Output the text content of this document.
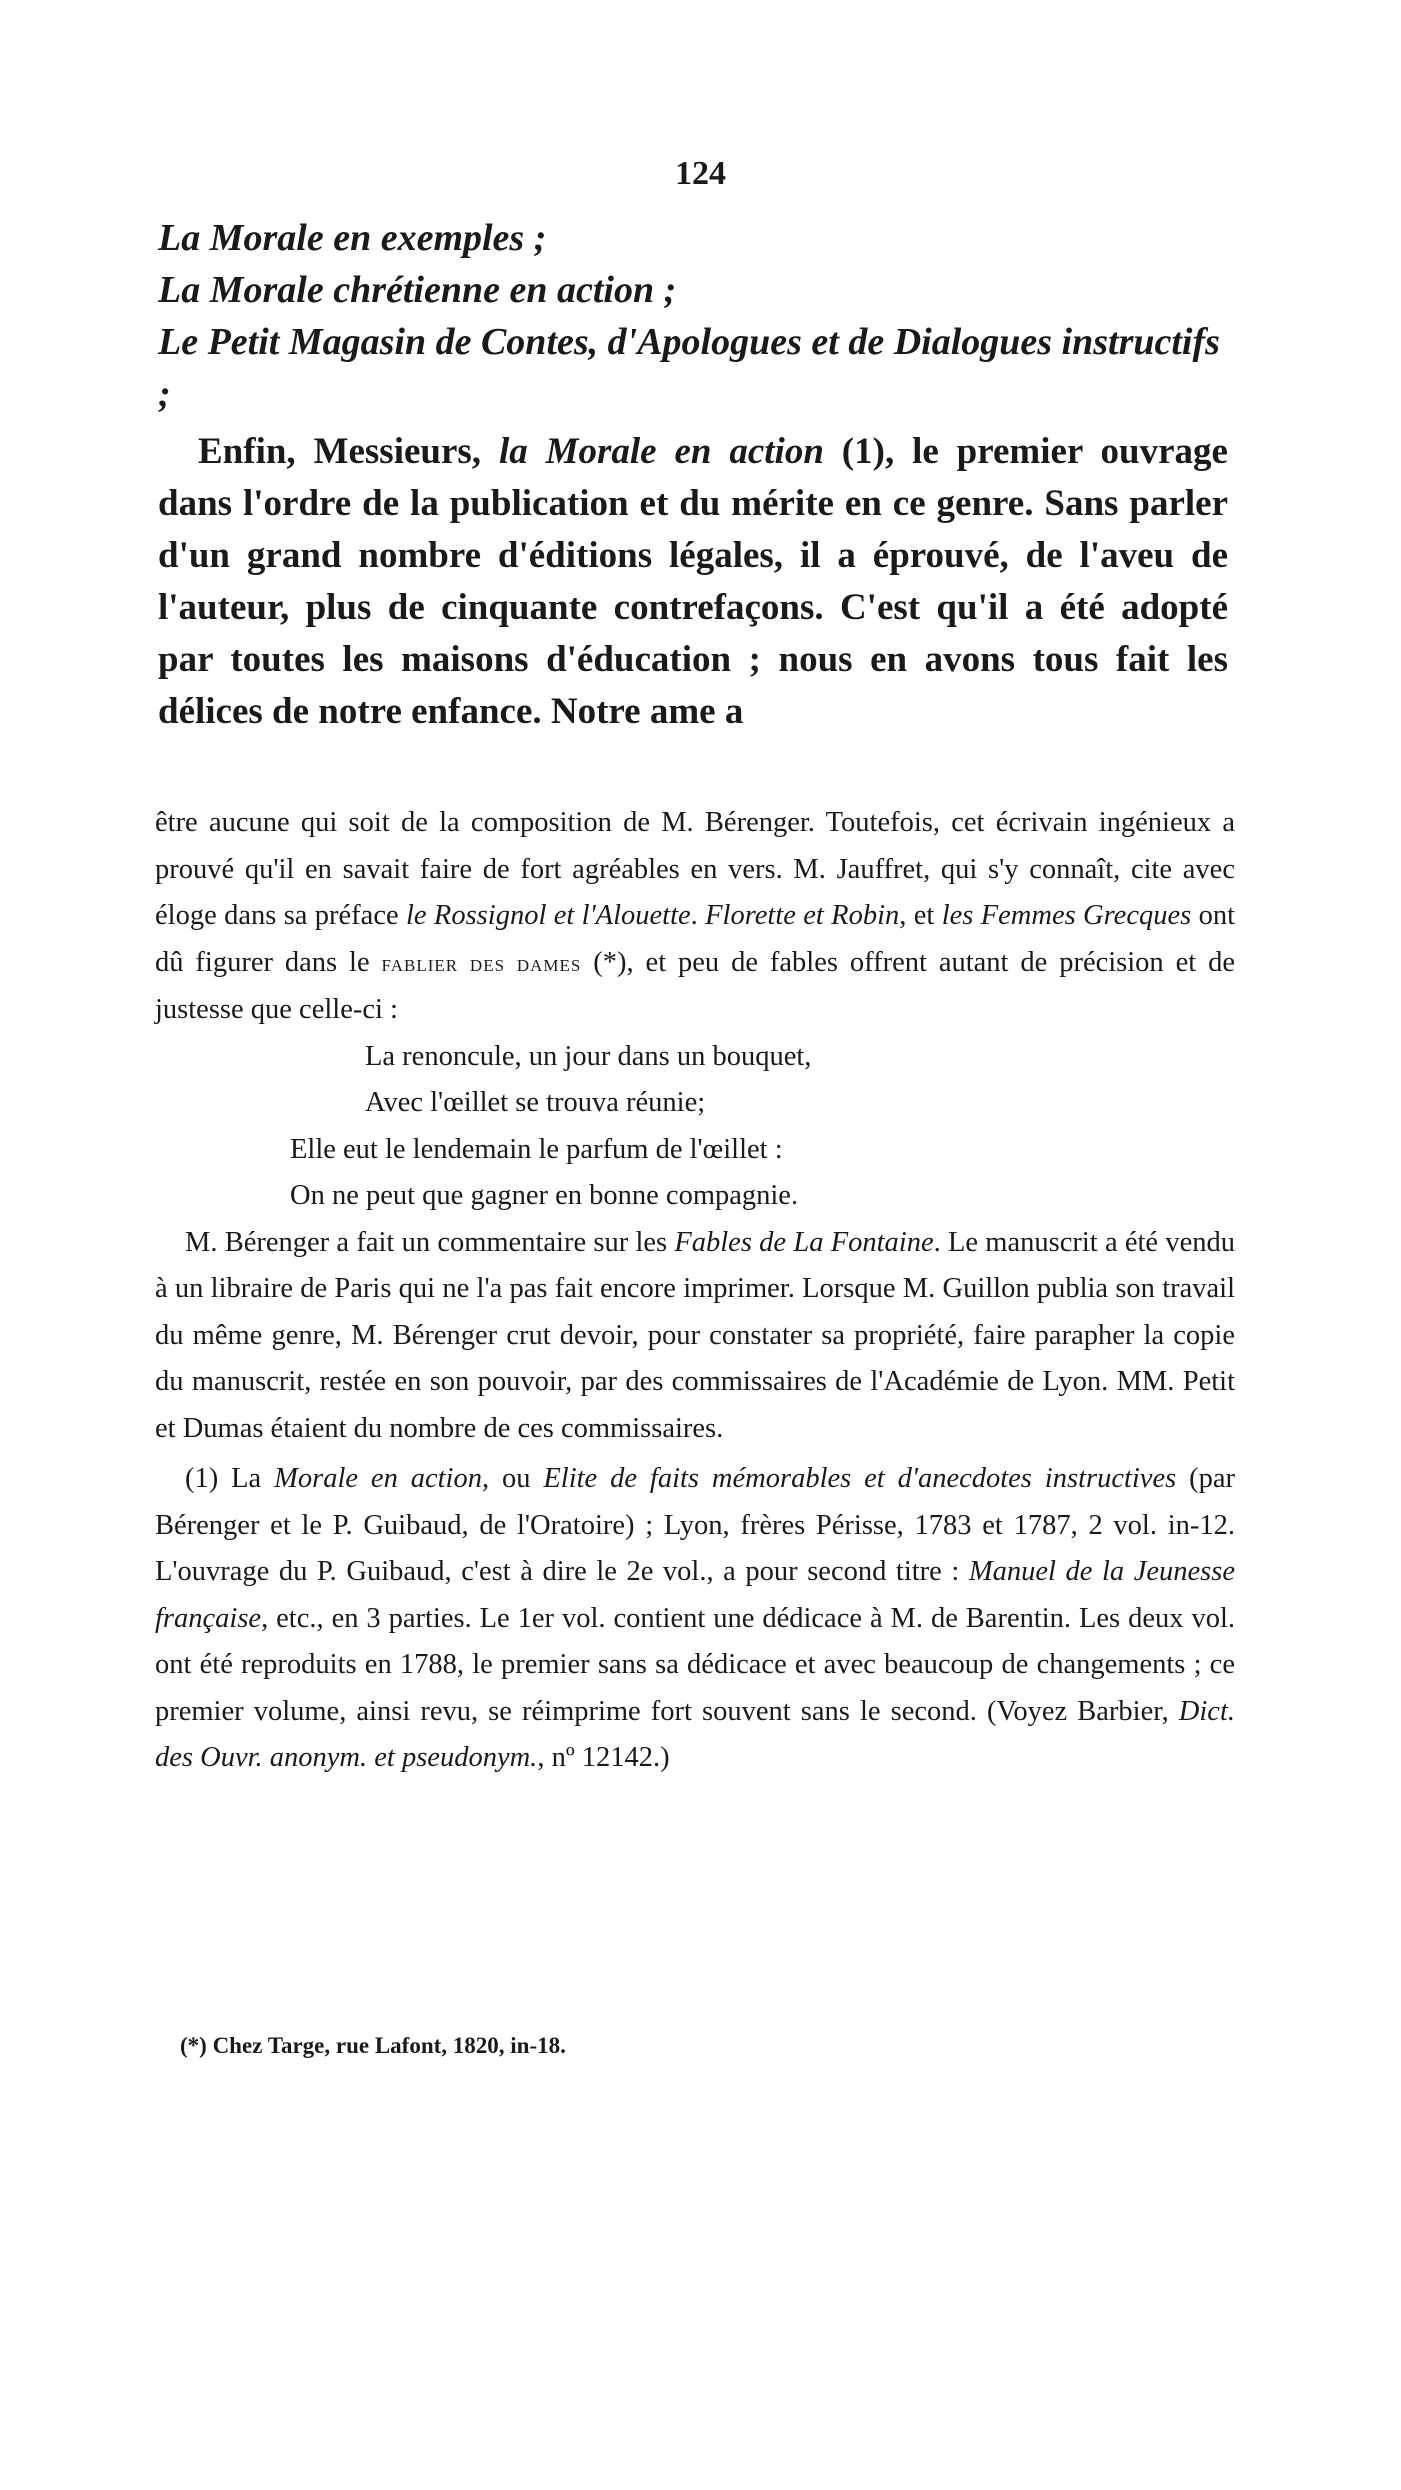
124

La Morale en exemples ;

La Morale chrétienne en action ;

Le Petit Magasin de Contes, d'Apologues et de Dialogues instructifs ;

Enfin, Messieurs, la Morale en action (1), le premier ouvrage dans l'ordre de la publication et du mérite en ce genre. Sans parler d'un grand nombre d'éditions légales, il a éprouvé, de l'aveu de l'auteur, plus de cinquante contrefaçons. C'est qu'il a été adopté par toutes les maisons d'éducation ; nous en avons tous fait les délices de notre enfance. Notre ame a

être aucune qui soit de la composition de M. Bérenger. Toutefois, cet écrivain ingénieux a prouvé qu'il en savait faire de fort agréables en vers. M. Jauffret, qui s'y connaît, cite avec éloge dans sa préface le Rossignol et l'Alouette. Florette et Robin, et les Femmes Grecques ont dû figurer dans le fablier des dames (*), et peu de fables offrent autant de précision et de justesse que celle-ci :

La renoncule, un jour dans un bouquet,

Avec l'œillet se trouva réunie;

Elle eut le lendemain le parfum de l'œillet :

On ne peut que gagner en bonne compagnie.

M. Bérenger a fait un commentaire sur les Fables de La Fontaine. Le manuscrit a été vendu à un libraire de Paris qui ne l'a pas fait encore imprimer. Lorsque M. Guillon publia son travail du même genre, M. Bérenger crut devoir, pour constater sa propriété, faire parapher la copie du manuscrit, restée en son pouvoir, par des commissaires de l'Académie de Lyon. MM. Petit et Dumas étaient du nombre de ces commissaires.

(1) La Morale en action, ou Elite de faits mémorables et d'anecdotes instructives (par Bérenger et le P. Guibaud, de l'Oratoire) ; Lyon, frères Périsse, 1783 et 1787, 2 vol. in-12. L'ouvrage du P. Guibaud, c'est à dire le 2e vol., a pour second titre : Manuel de la Jeunesse française, etc., en 3 parties. Le 1er vol. contient une dédicace à M. de Barentin. Les deux vol. ont été reproduits en 1788, le premier sans sa dédicace et avec beaucoup de changements ; ce premier volume, ainsi revu, se réimprime fort souvent sans le second. (Voyez Barbier, Dict. des Ouvr. anonym. et pseudonym., nº 12142.)

(*) Chez Targe, rue Lafont, 1820, in-18.
